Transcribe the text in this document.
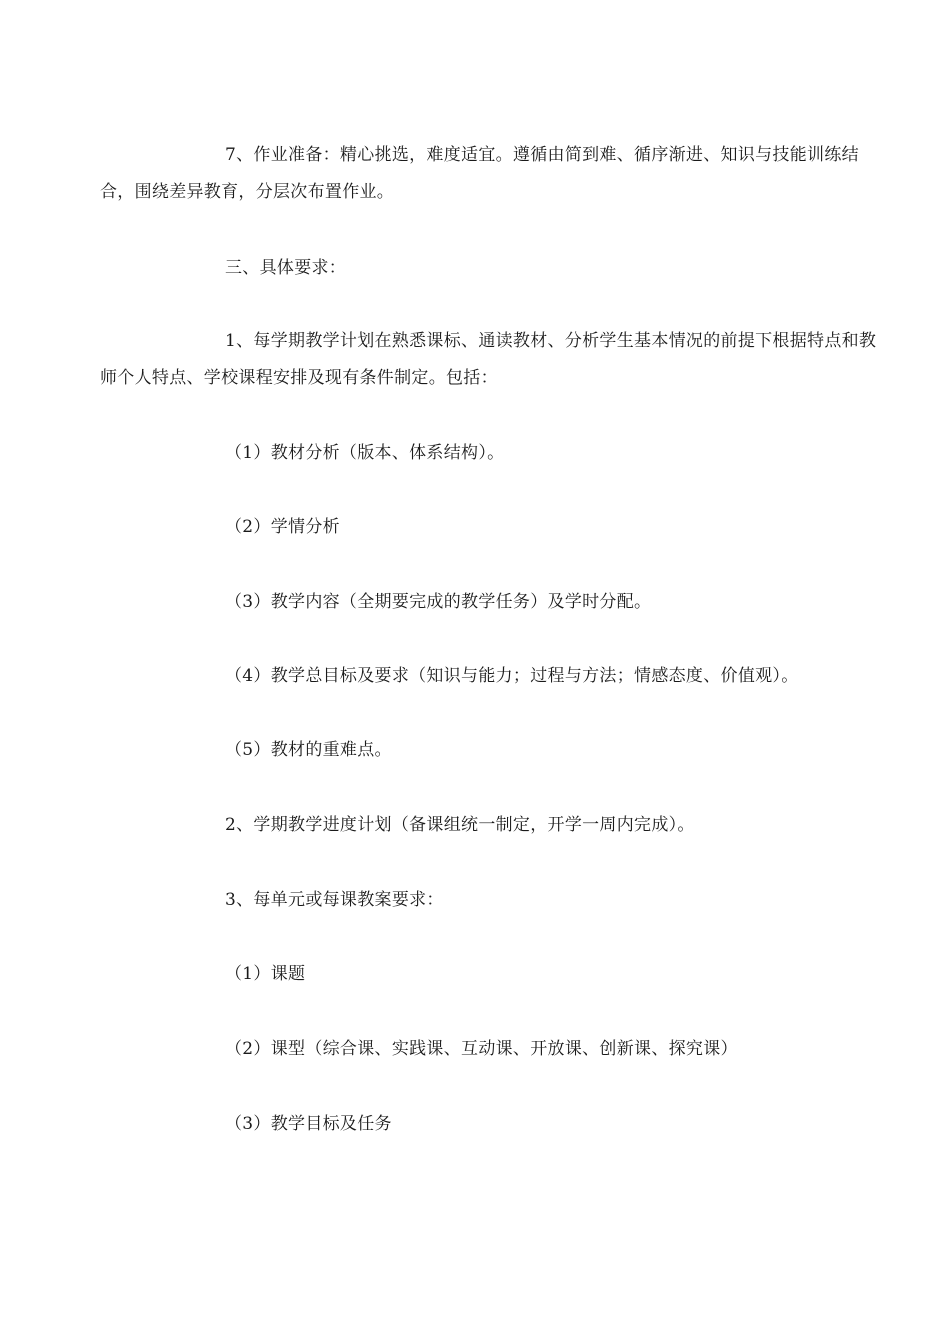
7、作业准备：精心挑选，难度适宜。遵循由简到难、循序渐进、知识与技能训练结合，围绕差异教育，分层次布置作业。

三、具体要求：

1、每学期教学计划在熟悉课标、通读教材、分析学生基本情况的前提下根据特点和教师个人特点、学校课程安排及现有条件制定。包括：

（1）教材分析（版本、体系结构）。

（2）学情分析

（3）教学内容（全期要完成的教学任务）及学时分配。

（4）教学总目标及要求（知识与能力；过程与方法；情感态度、价值观）。

（5）教材的重难点。

2、学期教学进度计划（备课组统一制定，开学一周内完成）。

3、每单元或每课教案要求：

（1）课题

（2）课型（综合课、实践课、互动课、开放课、创新课、探究课）

（3）教学目标及任务
